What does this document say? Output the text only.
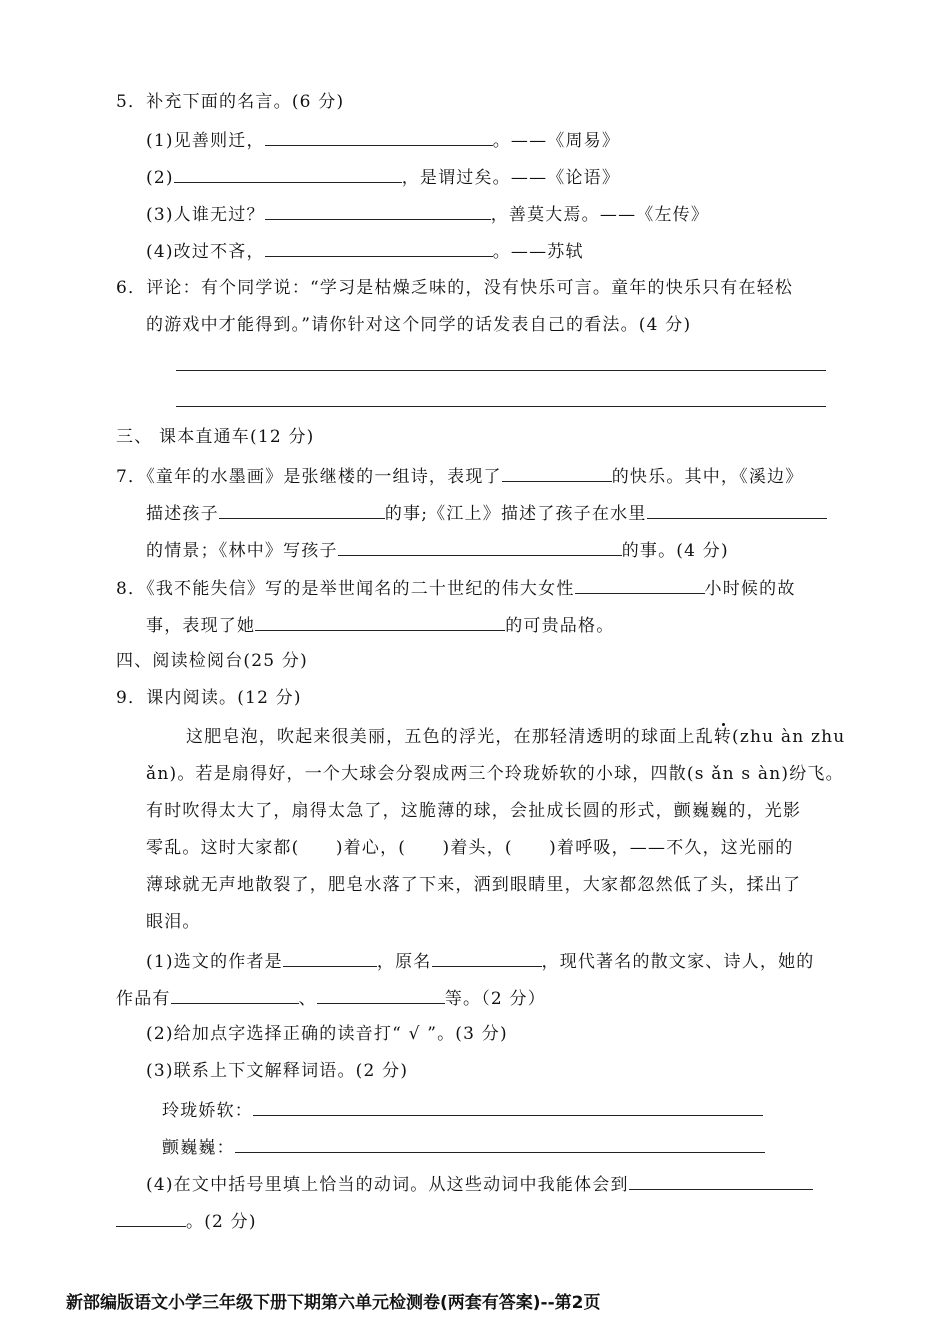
5．补充下面的名言。(6 分)
(1)见善则迁，	。——《周易》
(2)	，是谓过矣。——《论语》
(3)人谁无过？	，善莫大焉。——《左传》
(4)改过不吝，	。——苏轼
6．评论：有个同学说：“学习是枯燥乏味的，没有快乐可言。童年的快乐只有在轻松
的游戏中才能得到。”请你针对这个同学的话发表自己的看法。(4 分)
三、 课本直通车(12 分)
7．《童年的水墨画》是张继楼的一组诗，表现了	的快乐。其中，《溪边》
描述孩子	的事;《江上》描述了孩子在水里
的情景；《林中》写孩子	的事。(4 分)
8．《我不能失信》写的是举世闻名的二十世纪的伟大女性	小时候的故
事，表现了她	的可贵品格。
四、阅读检阅台(25 分)
9．课内阅读。(12 分)
这肥皂泡，吹起来很美丽，五色的浮光，在那轻清透明的球面上乱转(zhu àn zhu
ǎn)。若是扇得好，一个大球会分裂成两三个玲珑娇软的小球，四散(s ǎn s àn)纷飞。
有时吹得太大了，扇得太急了，这脆薄的球，会扯成长圆的形式，颤巍巍的，光影
零乱。这时大家都(　　)着心，(　　)着头，(　　)着呼吸，——不久，这光丽的
薄球就无声地散裂了，肥皂水落了下来，洒到眼睛里，大家都忽然低了头，揉出了
眼泪。
(1)选文的作者是	，原名	，现代著名的散文家、诗人，她的
作品有	、	等。（2 分）
(2)给加点字选择正确的读音打“ √ ”。(3 分)
(3)联系上下文解释词语。(2 分)
玲珑娇软：
颤巍巍：
(4)在文中括号里填上恰当的动词。从这些动词中我能体会到
。(2 分)
新部编版语文小学三年级下册下期第六单元检测卷(两套有答案)--第2页
